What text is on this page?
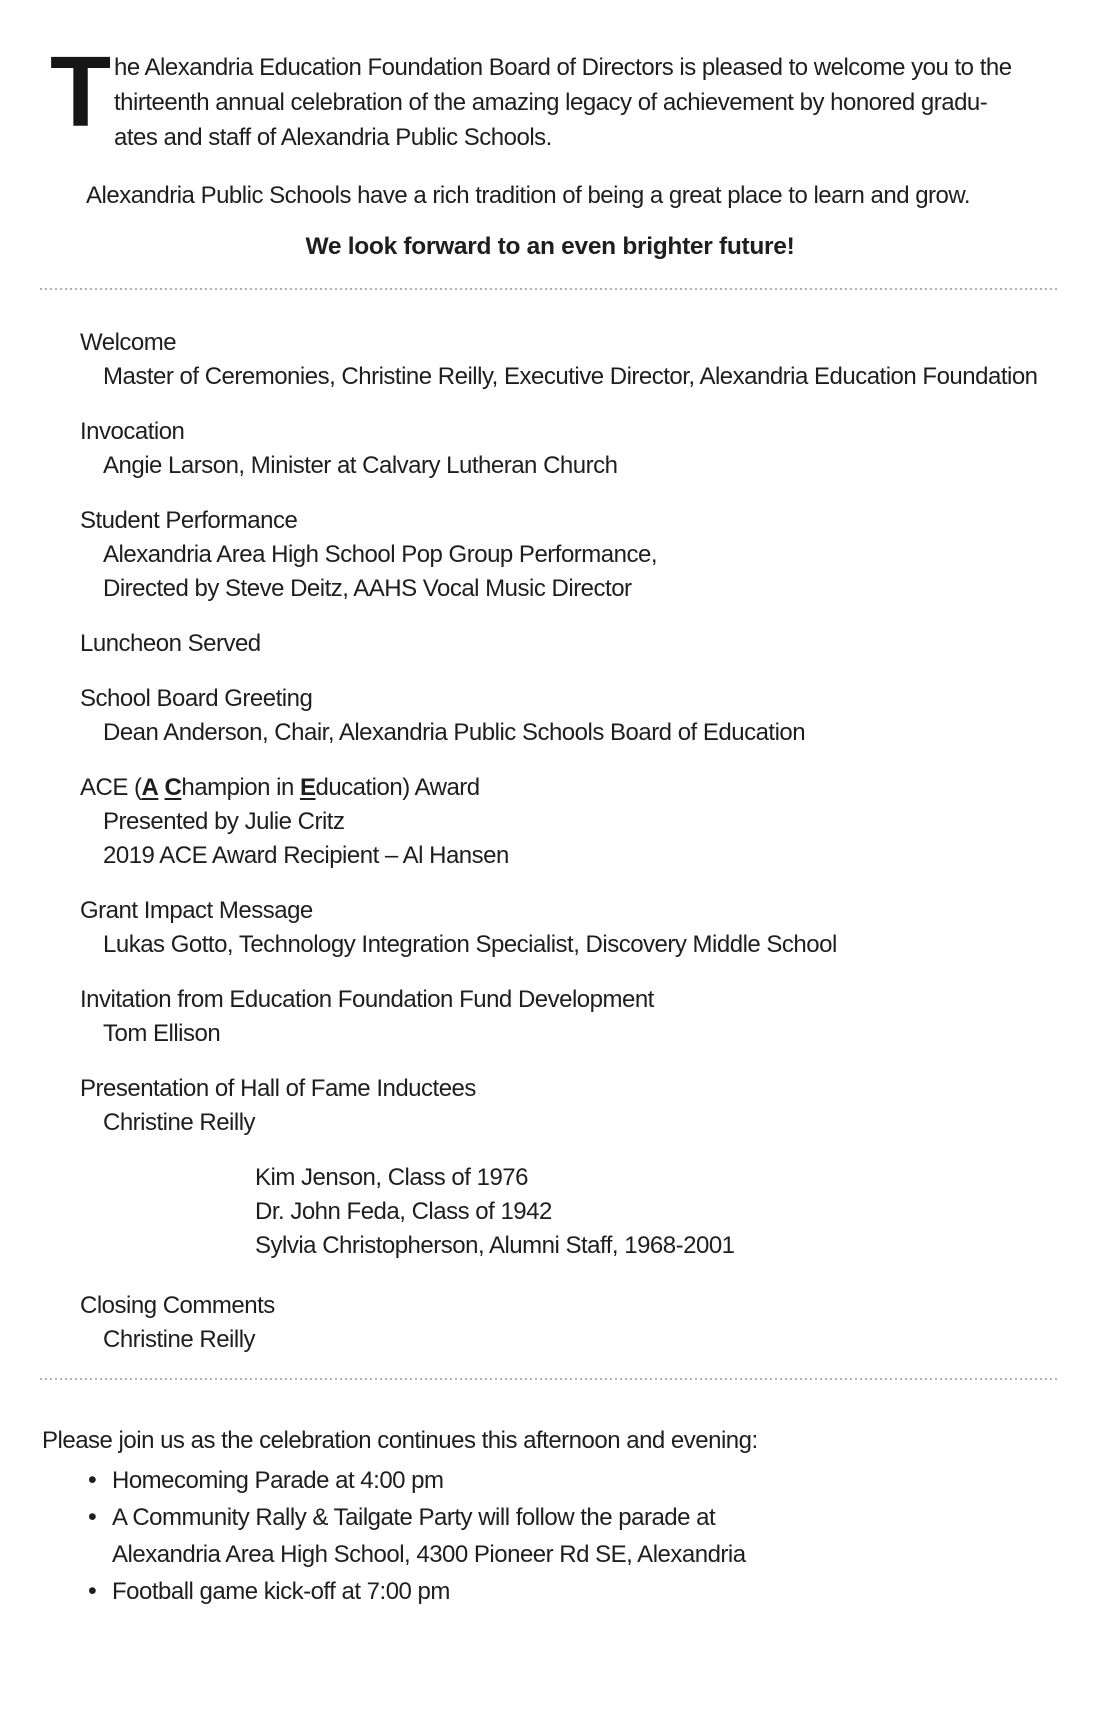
T he Alexandria Education Foundation Board of Directors is pleased to welcome you to the
thirteenth annual celebration of the amazing legacy of achievement by honored gradu-
ates and staff of Alexandria Public Schools.
Alexandria Public Schools have a rich tradition of being a great place to learn and grow.
We look forward to an even brighter future!
Welcome
Master of Ceremonies, Christine Reilly, Executive Director, Alexandria Education Foundation
Invocation
Angie Larson, Minister at Calvary Lutheran Church
Student Performance
Alexandria Area High School Pop Group Performance,
Directed by Steve Deitz, AAHS Vocal Music Director
Luncheon Served
School Board Greeting
Dean Anderson, Chair, Alexandria Public Schools Board of Education
ACE (A Champion in Education) Award
Presented by Julie Critz
2019 ACE Award Recipient – Al Hansen
Grant Impact Message
Lukas Gotto, Technology Integration Specialist, Discovery Middle School
Invitation from Education Foundation Fund Development
Tom Ellison
Presentation of Hall of Fame Inductees
Christine Reilly
Kim Jenson, Class of 1976
Dr. John Feda, Class of 1942
Sylvia Christopherson, Alumni Staff, 1968-2001
Closing Comments
Christine Reilly
Please join us as the celebration continues this afternoon and evening:
• Homecoming Parade at 4:00 pm
• A Community Rally & Tailgate Party will follow the parade at
Alexandria Area High School, 4300 Pioneer Rd SE, Alexandria
• Football game kick-off at 7:00 pm
